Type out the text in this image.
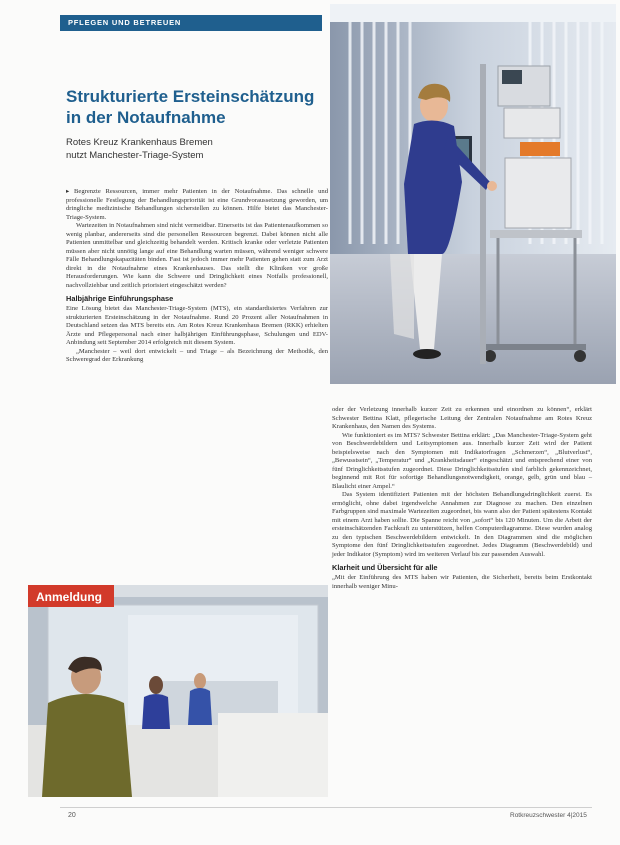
PFLEGEN UND BETREUEN
Strukturierte Ersteinschätzung
in der Notaufnahme
Rotes Kreuz Krankenhaus Bremen
nutzt Manchester-Triage-System

▸ Begrenzte Ressourcen, immer mehr Patienten in der Notaufnahme. Das schnelle und professionelle Festlegung der Behandlungspriorität ist eine Grundvoraussetzung geworden, um dringliche medizinische Behandlungen sicherstellen zu können. Hilfe bietet das Manchester-Triage-System.

Wartezeiten in Notaufnahmen sind nicht vermeidbar. Einerseits ist das Patientenaufkommen so wenig planbar, andererseits sind die personellen Ressourcen begrenzt. Dabei können nicht alle Patienten unmittelbar und gleichzeitig behandelt werden. Kritisch kranke oder verletzte Patienten müssen aber nicht unnötig lange auf eine Behandlung warten müssen, während weniger schwere Fälle Behandlungskapazitäten binden. Fast ist jedoch immer mehr Patienten gehen statt zum Arzt direkt in die Notaufnahme eines Krankenhauses. Das stellt die Kliniken vor große Herausforderungen. Wie kann die Schwere und Dringlichkeit eines Notfalls professionell, nachvollziehbar und zeitlich priorisiert eingeschätzt werden?

Halbjährige Einführungsphase

Eine Lösung bietet das Manchester-Triage-System (MTS), ein standardisiertes Verfahren zur strukturierten Ersteinschätzung in der Notaufnahme. Rund 20 Prozent aller Notaufnahmen in Deutschland setzen das MTS bereits ein. Am Rotes Kreuz Krankenhaus Bremen (RKK) erhielten Ärzte und Pflegepersonal nach einer halbjährigen Einführungsphase, Schulungen und EDV-Anbindung seit September 2014 erfolgreich mit diesem System.

„Manchester – weil dort entwickelt – und Triage – als Bezeichnung der Methodik, den Schweregrad der Erkrankung

Anmeldung

oder der Verletzung innerhalb kurzer Zeit zu erkennen und einordnen zu können“, erklärt Schwester Bettina Klatt, pflegerische Leitung der Zentralen Notaufnahme am Rotes Kreuz Krankenhaus, den Namen des Systems.

Wie funktioniert es im MTS? Schwester Bettina erklärt: „Das Manchester-Triage-System geht von Beschwerdebildern und Leitsymptomen aus. Innerhalb kurzer Zeit wird der Patient beispielsweise nach den Symptomen mit Indikatorfragen „Schmerzen“, „Blutverlust“, „Bewusstsein“, „Temperatur“ und „Krankheitsdauer“ eingeschätzt und entsprechend einer von fünf Dringlichkeitsstufen zugeordnet. Diese Dringlichkeitsstufen sind farblich gekennzeichnet, beginnend mit Rot für sofortige Behandlungsnotwendigkeit, orange, gelb, grün und blau – Blaulicht einer Ampel.“

Das System identifiziert Patienten mit der höchsten Behandlungsdringlichkeit zuerst. Es ermöglicht, ohne dabei irgendwelche Annahmen zur Diagnose zu machen. Den einzelnen Farbgruppen sind maximale Wartezeiten zugeordnet, bis wann also der Patient spätestens Kontakt mit einem Arzt haben sollte. Die Spanne reicht von „sofort“ bis 120 Minuten. Um die Arbeit der ersteinschätzenden Fachkraft zu unterstützen, helfen Computerdiagramme. Diese wurden analog zu den typischen Beschwerdebildern entwickelt. In den Diagrammen sind die möglichen Symptome den fünf Dringlichkeitsstufen zugeordnet. Jedes Diagramm (Beschwerdebild) und jeder Indikator (Symptom) wird im weiteren Verlauf bis zur passenden Auswahl.

Klarheit und Übersicht für alle

„Mit der Einführung des MTS haben wir Patienten, die Sicherheit, bereits beim Erstkontakt innerhalb weniger Minu-

20	Rotkreuzschwester 4|2015
